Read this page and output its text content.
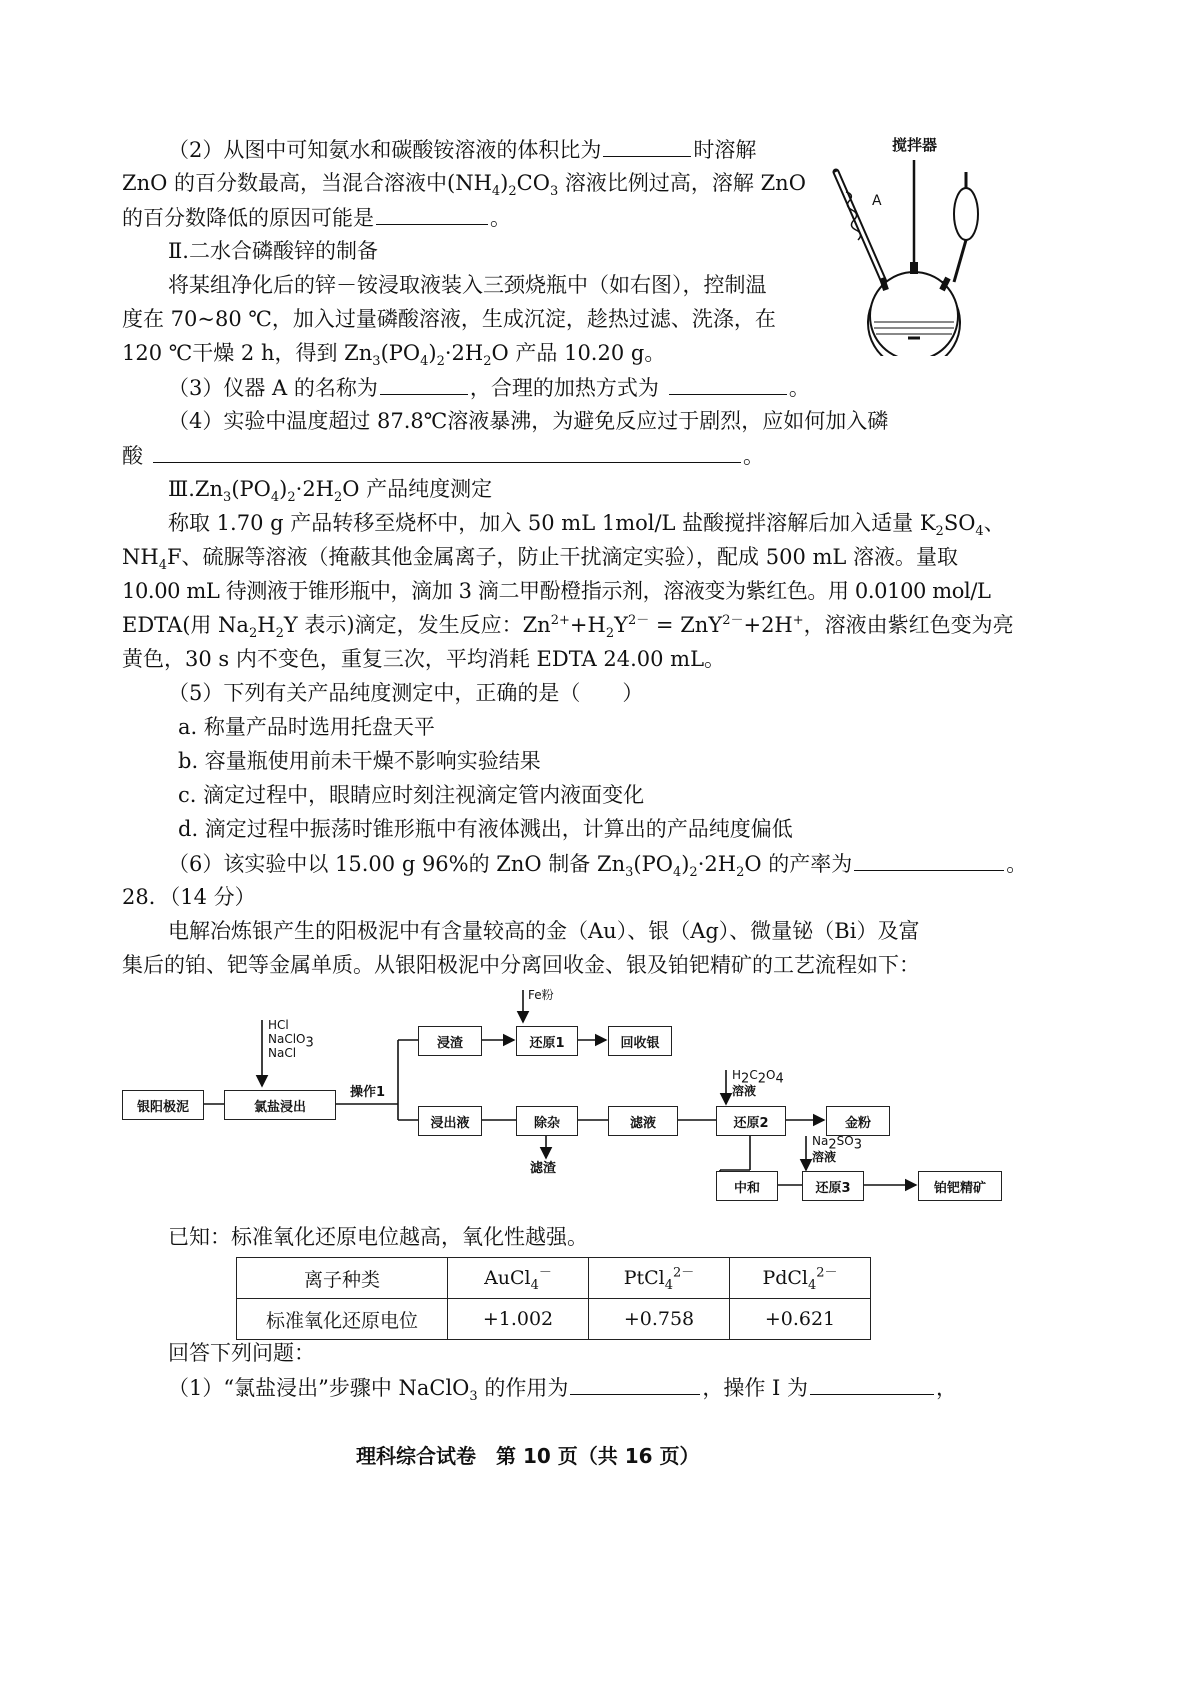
（2）从图中可知氨水和碳酸铵溶液的体积比为	时溶解
ZnO 的百分数最高，当混合溶液中$(NH_4)_2CO_3$ 溶液比例过高，溶解 ZnO
的百分数降低的原因可能是	。
搅拌器
A
Ⅱ.二水合磷酸锌的制备
将某组净化后的锌－铵浸取液装入三颈烧瓶中（如右图），控制温
度在 70~80 ℃，加入过量磷酸溶液，生成沉淀，趁热过滤、洗涤，在
120 ℃干燥 2 h，得到 $Zn_3(PO_4)_2\cdot 2H_2O$ 产品 10.20 g。
（3）仪器 A 的名称为	，合理的加热方式为	。
（4）实验中温度超过 87.8℃溶液暴沸，为避免反应过于剧烈，应如何加入磷
酸	。
$Ⅲ.Zn_3(PO_4)_2\cdot 2H_2O$ 产品纯度测定
称取 1.70 g 产品转移至烧杯中，加入 50 mL 1mol/L 盐酸搅拌溶解后加入适量 $K_2SO_4$、
$NH_4F$、硫脲等溶液（掩蔽其他金属离子，防止干扰滴定实验），配成 500 mL 溶液。量取
10.00 mL 待测液于锥形瓶中，滴加 3 滴二甲酚橙指示剂，溶液变为紫红色。用 0.0100 mol/L
EDTA(用 $Na_2H_2Y$ 表示)滴定，发生反应：$Zn^{2+}+H_2Y^{2-} = ZnY^{2-}+2H^+$，溶液由紫红色变为亮
黄色，30 s 内不变色，重复三次，平均消耗 EDTA 24.00 mL。
（5）下列有关产品纯度测定中，正确的是（　　）
a. 称量产品时选用托盘天平
b. 容量瓶使用前未干燥不影响实验结果
c. 滴定过程中，眼睛应时刻注视滴定管内液面变化
d. 滴定过程中振荡时锥形瓶中有液体溅出，计算出的产品纯度偏低
（6）该实验中以 15.00 g 96%的 ZnO 制备 $Zn_3(PO_4)_2\cdot 2H_2O$ 的产率为	。
28．（14 分）
电解冶炼银产生的阳极泥中有含量较高的金（Au）、银（Ag）、微量铋（Bi）及富
集后的铂、钯等金属单质。从银阳极泥中分离回收金、银及铂钯精矿的工艺流程如下：
银阳极泥	氯盐浸出
操作1
浸渣	还原1	回收银
浸出液	除杂	滤液	还原2	金粉
中和	还原3	铂钯精矿
滤渣
Fe粉
HCl
NaClO$_3$
NaCl
$H_2C_2O_4$
溶液
$Na_2SO_3$
溶液
已知：标准氧化还原电位越高，氧化性越强。
离子种类	AuCl$_4$－	PtCl$_4^{2-}$	PdCl$_4^{2-}$
标准氧化还原电位	+1.002	+0.758	+0.621
回答下列问题：
（1）“氯盐浸出”步骤中 NaClO$_3$ 的作用为	，操作 I 为	，
理科综合试卷　第 10 页（共 16 页）
